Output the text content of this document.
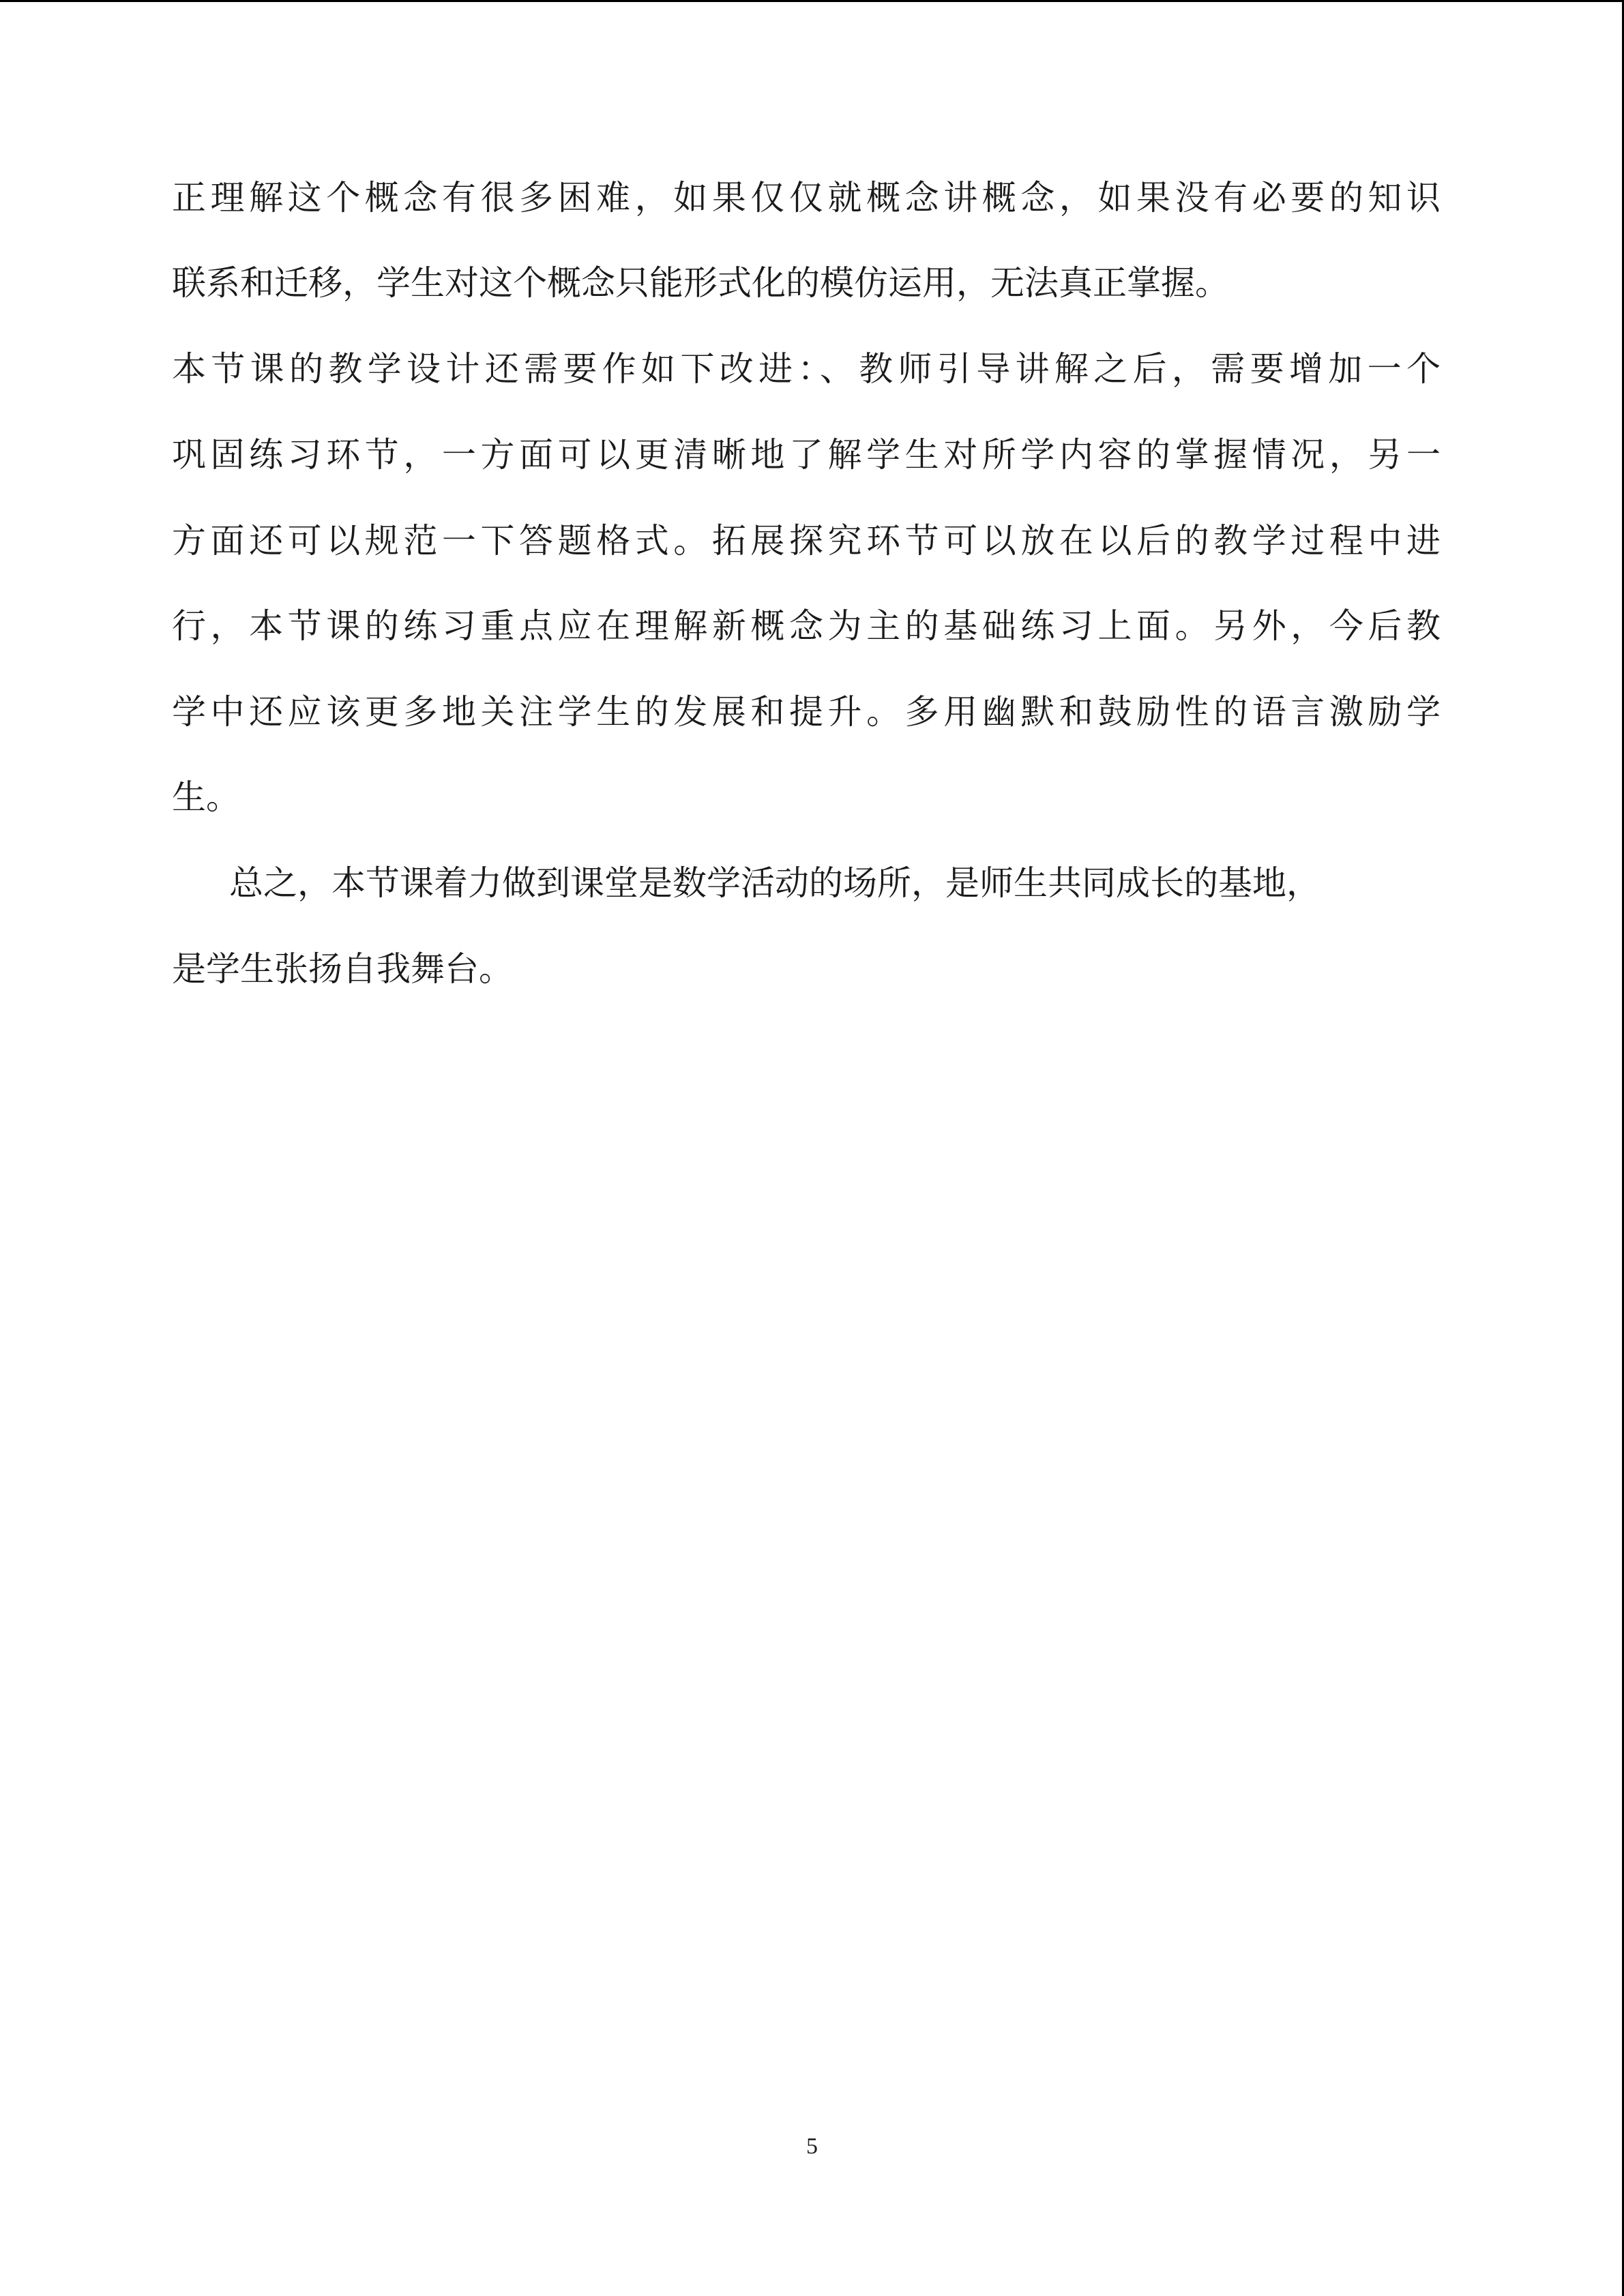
正理解这个概念有很多困难，如果仅仅就概念讲概念，如果没有必要的知识

联系和迁移，学生对这个概念只能形式化的模仿运用，无法真正掌握。

本节课的教学设计还需要作如下改进：、教师引导讲解之后，需要增加一个

巩固练习环节，一方面可以更清晰地了解学生对所学内容的掌握情况，另一

方面还可以规范一下答题格式。拓展探究环节可以放在以后的教学过程中进

行，本节课的练习重点应在理解新概念为主的基础练习上面。另外，今后教

学中还应该更多地关注学生的发展和提升。多用幽默和鼓励性的语言激励学

生。

总之，本节课着力做到课堂是数学活动的场所，是师生共同成长的基地，

是学生张扬自我舞台。

5
